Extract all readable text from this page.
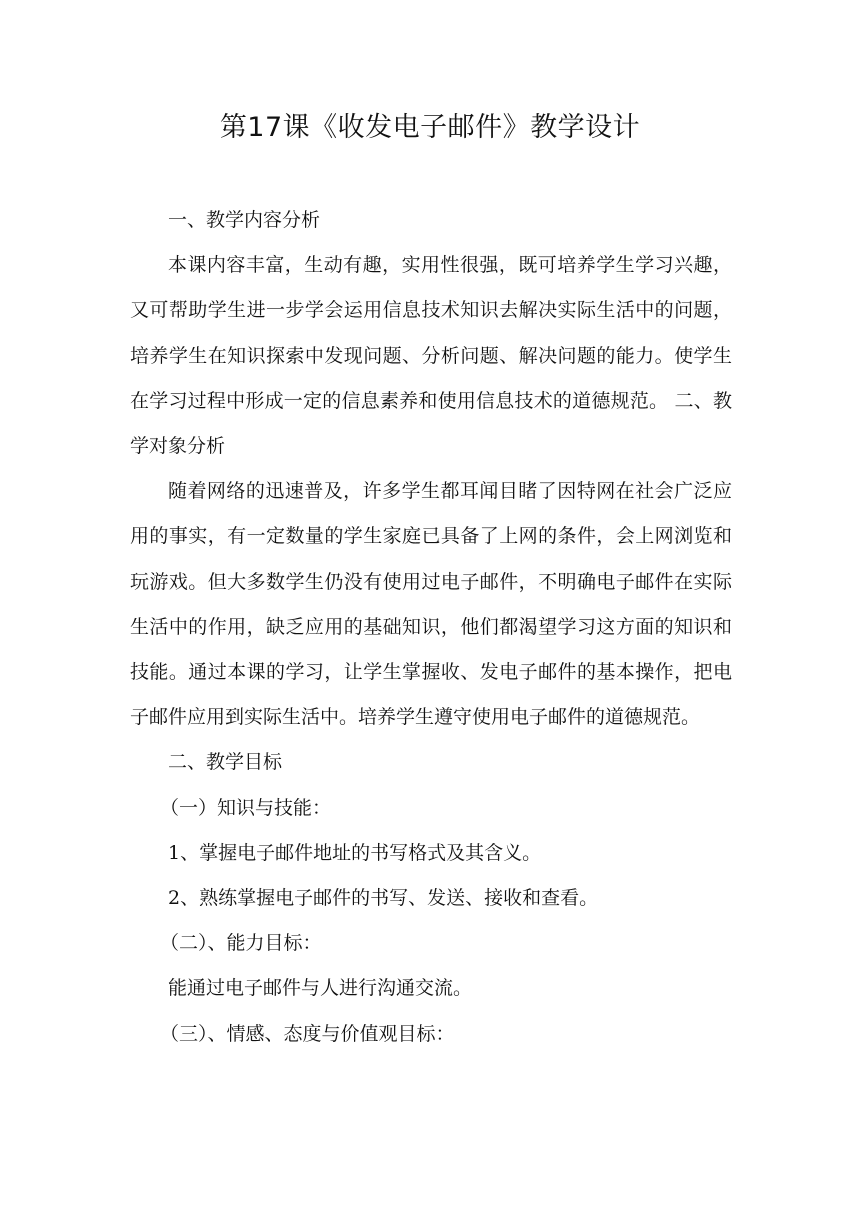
第17课《收发电子邮件》教学设计

一、教学内容分析

本课内容丰富，生动有趣，实用性很强，既可培养学生学习兴趣，又可帮助学生进一步学会运用信息技术知识去解决实际生活中的问题，培养学生在知识探索中发现问题、分析问题、解决问题的能力。使学生在学习过程中形成一定的信息素养和使用信息技术的道德规范。 二、教学对象分析

随着网络的迅速普及，许多学生都耳闻目睹了因特网在社会广泛应用的事实，有一定数量的学生家庭已具备了上网的条件，会上网浏览和玩游戏。但大多数学生仍没有使用过电子邮件，不明确电子邮件在实际生活中的作用，缺乏应用的基础知识，他们都渴望学习这方面的知识和技能。通过本课的学习，让学生掌握收、发电子邮件的基本操作，把电子邮件应用到实际生活中。培养学生遵守使用电子邮件的道德规范。

二、教学目标

（一）知识与技能：

1、掌握电子邮件地址的书写格式及其含义。

2、熟练掌握电子邮件的书写、发送、接收和查看。

（二）、能力目标：

能通过电子邮件与人进行沟通交流。

（三）、情感、态度与价值观目标：
